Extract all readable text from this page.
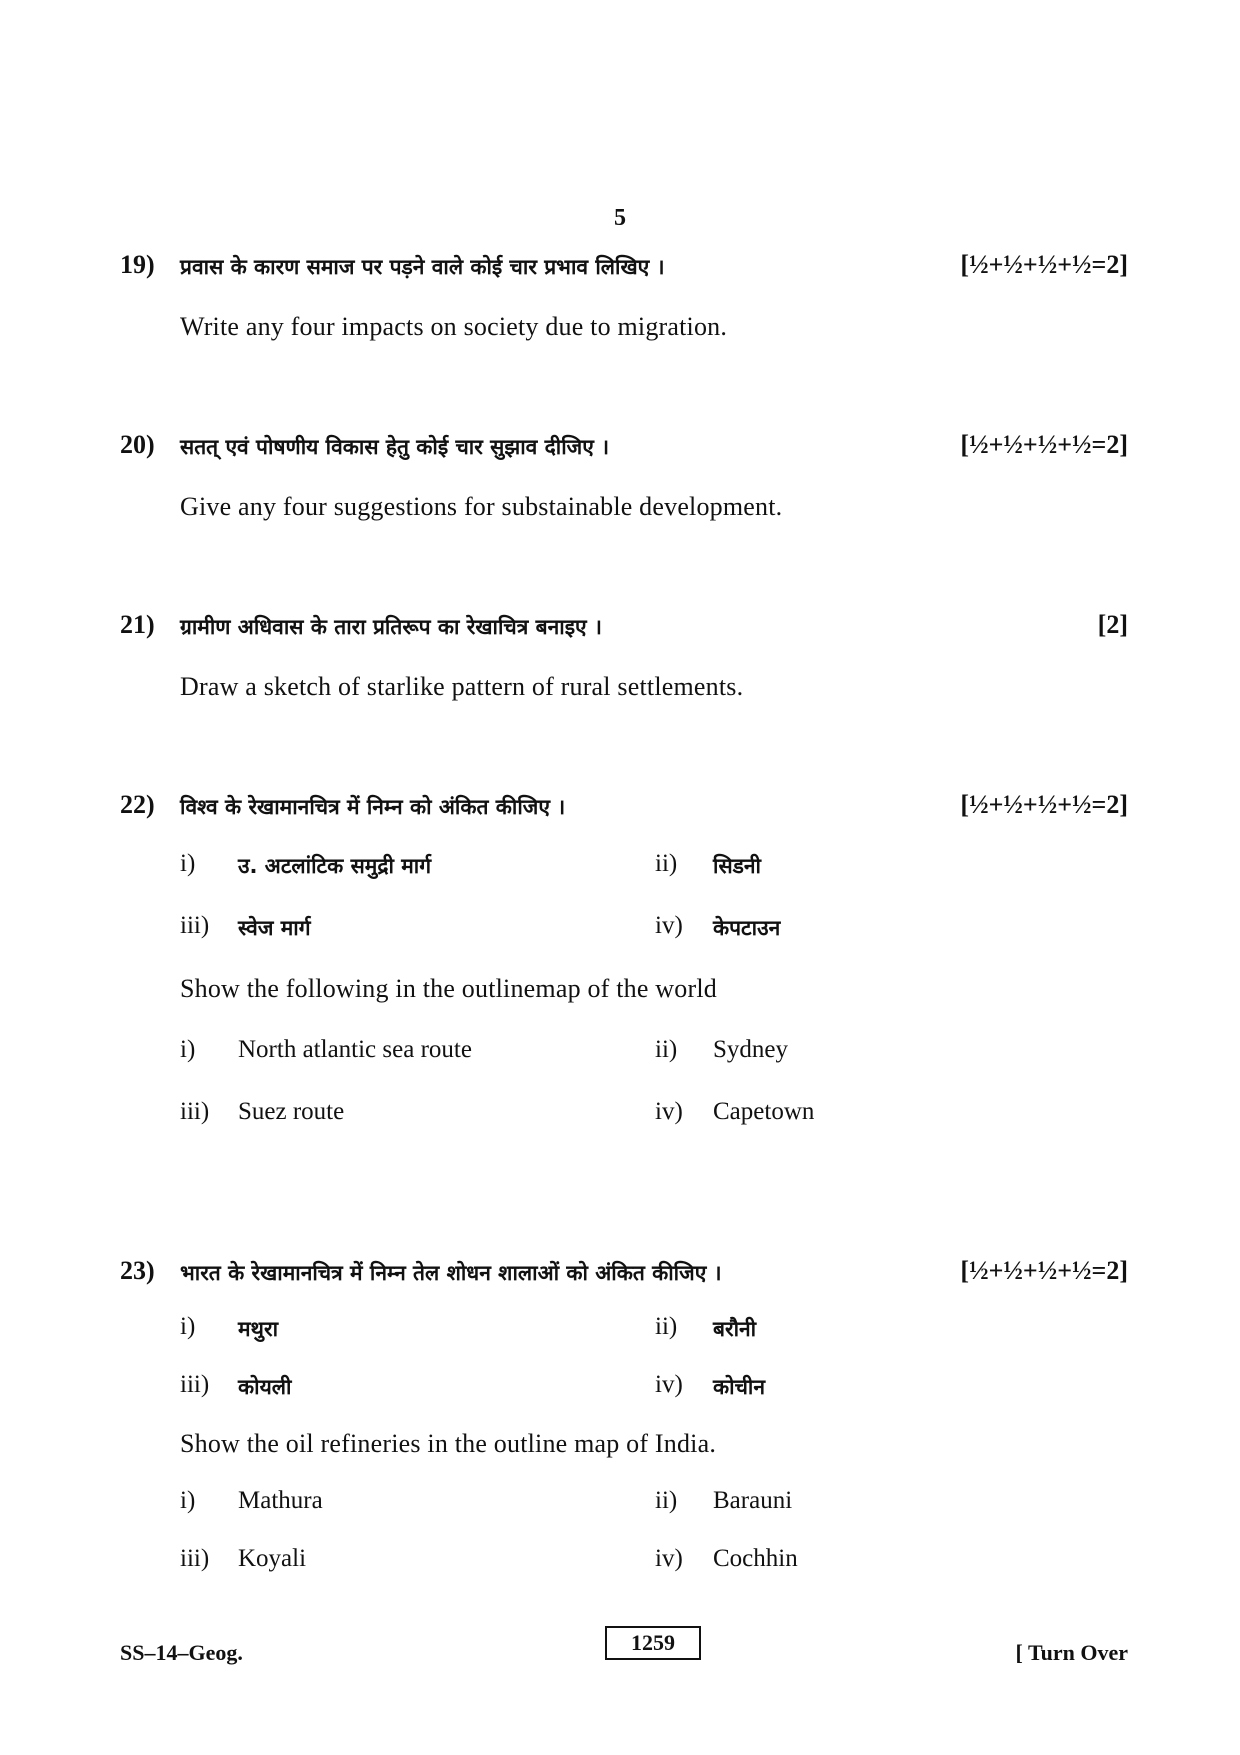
5
19) प्रवास के कारण समाज पर पड़ने वाले कोई चार प्रभाव लिखिए ।	[½+½+½+½=2]
Write any four impacts on society due to migration.
20) सतत् एवं पोषणीय विकास हेतु कोई चार सुझाव दीजिए ।	[½+½+½+½=2]
Give any four suggestions for substainable development.
21) ग्रामीण अधिवास के तारा प्रतिरूप का रेखाचित्र बनाइए ।	[2]
Draw a sketch of starlike pattern of rural settlements.
22) विश्व के रेखामानचित्र में निम्न को अंकित कीजिए ।	[½+½+½+½=2]
i) उ. अटलांटिक समुद्री मार्ग	ii) सिडनी
iii) स्वेज मार्ग	iv) केपटाउन
Show the following in the outlinemap of the world
i) North atlantic sea route	ii) Sydney
iii) Suez route	iv) Capetown
23) भारत के रेखामानचित्र में निम्न तेल शोधन शालाओं को अंकित कीजिए ।	[½+½+½+½=2]
i) मथुरा	ii) बरौनी
iii) कोयली	iv) कोचीन
Show the oil refineries in the outline map of India.
i) Mathura	ii) Barauni
iii) Koyali	iv) Cochhin
SS–14–Geog.	1259	[ Turn Over
